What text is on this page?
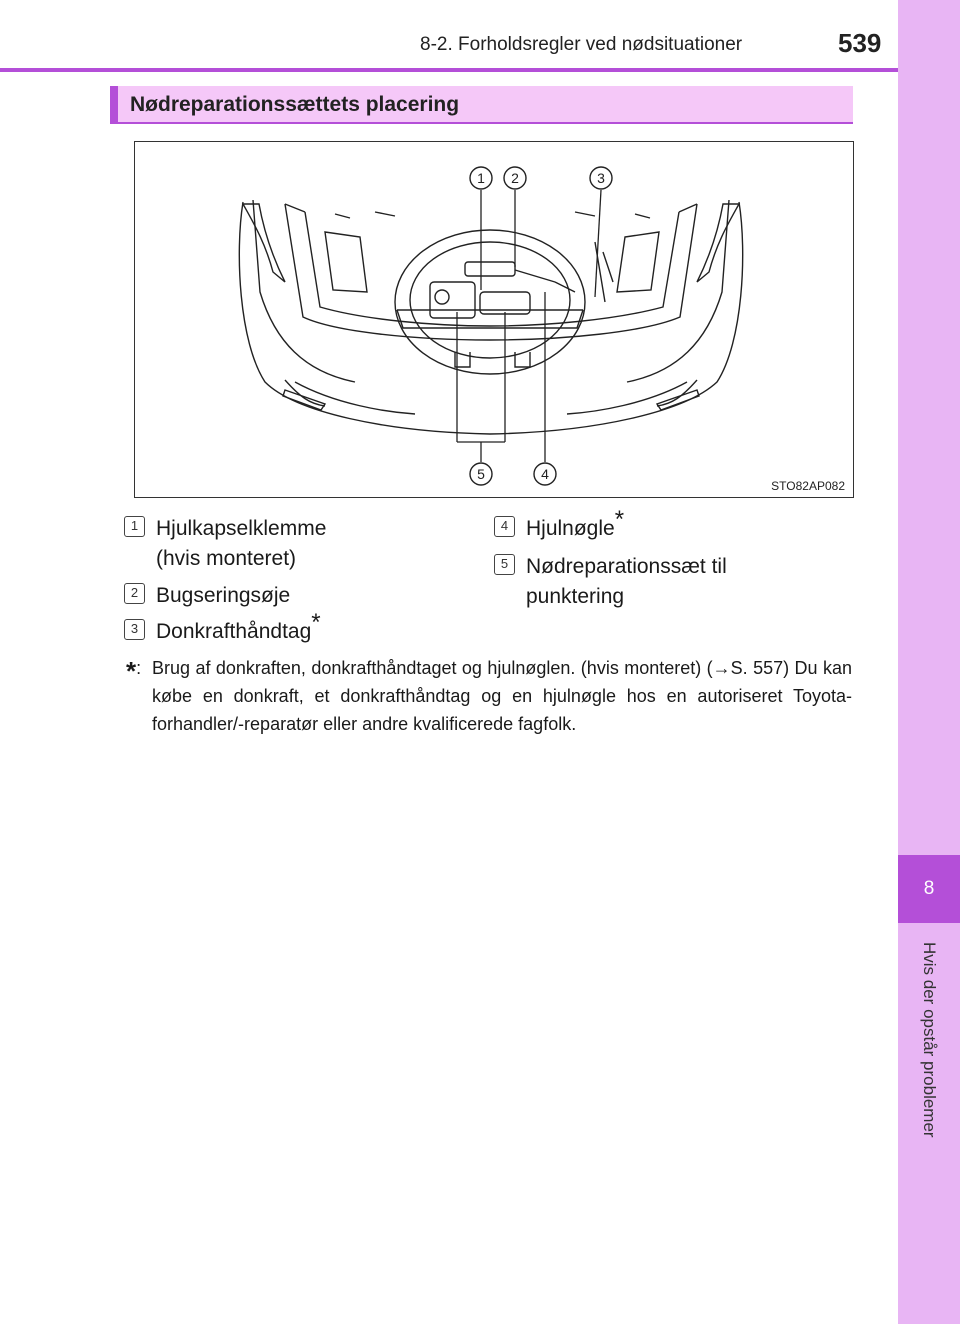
8-2. Forholdsregler ved nødsituationer	539
8
Hvis der opstår problemer
Nødreparationssættets placering
1 2	3
4
5
STO82AP082
1 Hjulkapselklemme
(hvis monteret)
2 Bugseringsøje
3 Donkrafthåndtag*
4 Hjulnøgle*
5 Nødreparationssæt til
punktering
*: Brug af donkraften, donkrafthåndtaget og hjulnøglen. (hvis monteret) (→S. 557) Du kan købe en donkraft, et donkrafthåndtag og en hjulnøgle hos en autoriseret Toyota-forhandler/-reparatør eller andre kvalificerede fagfolk.
